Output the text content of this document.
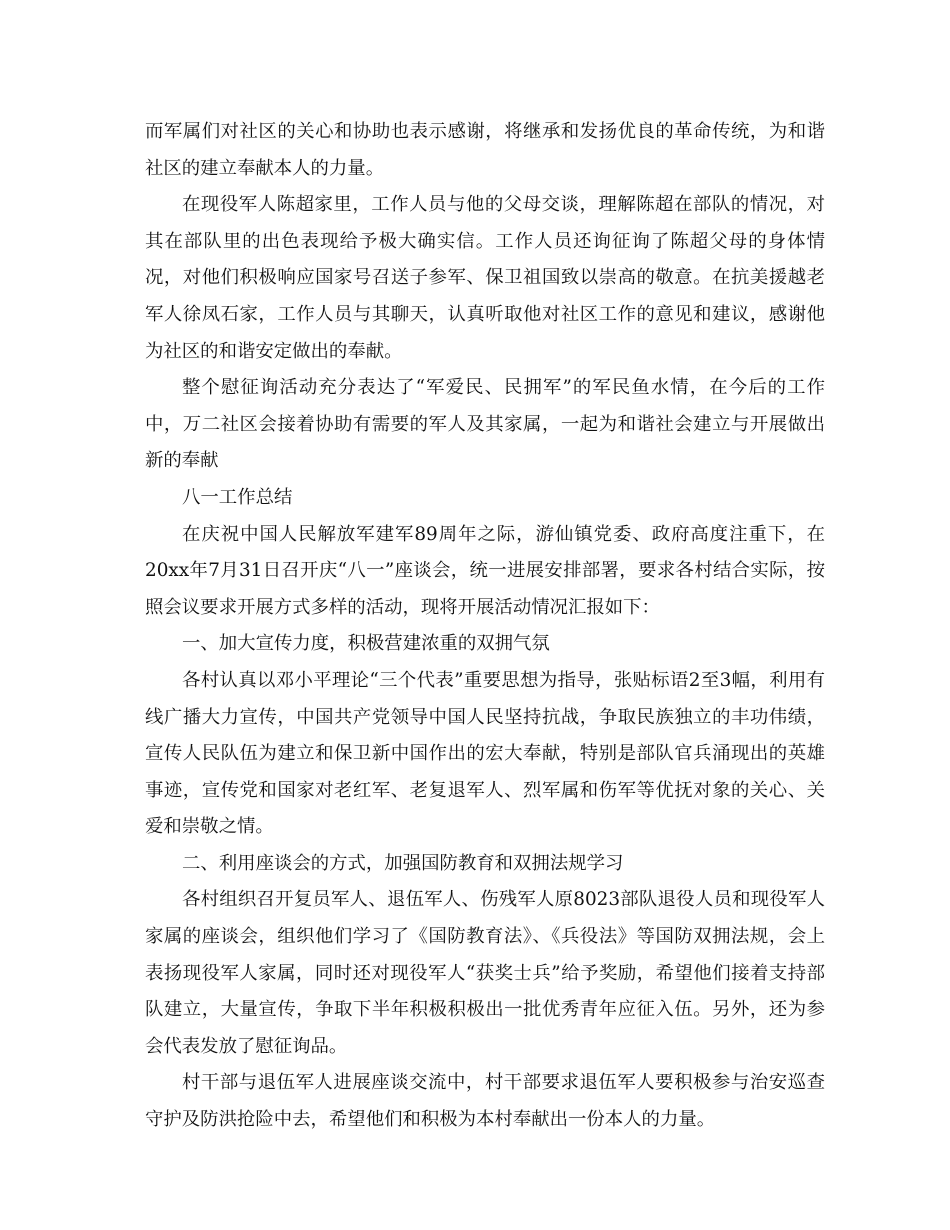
而军属们对社区的关心和协助也表示感谢，将继承和发扬优良的革命传统，为和谐社区的建立奉献本人的力量。

在现役军人陈超家里，工作人员与他的父母交谈，理解陈超在部队的情况，对其在部队里的出色表现给予极大确实信。工作人员还询征询了陈超父母的身体情况，对他们积极响应国家号召送子参军、保卫祖国致以崇高的敬意。在抗美援越老军人徐凤石家，工作人员与其聊天，认真听取他对社区工作的意见和建议，感谢他为社区的和谐安定做出的奉献。

整个慰征询活动充分表达了“军爱民、民拥军”的军民鱼水情，在今后的工作中，万二社区会接着协助有需要的军人及其家属，一起为和谐社会建立与开展做出新的奉献

八一工作总结

在庆祝中国人民解放军建军89周年之际，游仙镇党委、政府高度注重下，在20xx年7月31日召开庆“八一”座谈会，统一进展安排部署，要求各村结合实际，按照会议要求开展方式多样的活动，现将开展活动情况汇报如下：

一、加大宣传力度，积极营建浓重的双拥气氛

各村认真以邓小平理论“三个代表”重要思想为指导，张贴标语2至3幅，利用有线广播大力宣传，中国共产党领导中国人民坚持抗战，争取民族独立的丰功伟绩，宣传人民队伍为建立和保卫新中国作出的宏大奉献，特别是部队官兵涌现出的英雄事迹，宣传党和国家对老红军、老复退军人、烈军属和伤军等优抚对象的关心、关爱和崇敬之情。

二、利用座谈会的方式，加强国防教育和双拥法规学习

各村组织召开复员军人、退伍军人、伤残军人原8023部队退役人员和现役军人家属的座谈会，组织他们学习了《国防教育法》、《兵役法》等国防双拥法规，会上表扬现役军人家属，同时还对现役军人“获奖士兵”给予奖励，希望他们接着支持部队建立，大量宣传，争取下半年积极积极出一批优秀青年应征入伍。另外，还为参会代表发放了慰征询品。

村干部与退伍军人进展座谈交流中，村干部要求退伍军人要积极参与治安巡查守护及防洪抢险中去，希望他们和积极为本村奉献出一份本人的力量。
